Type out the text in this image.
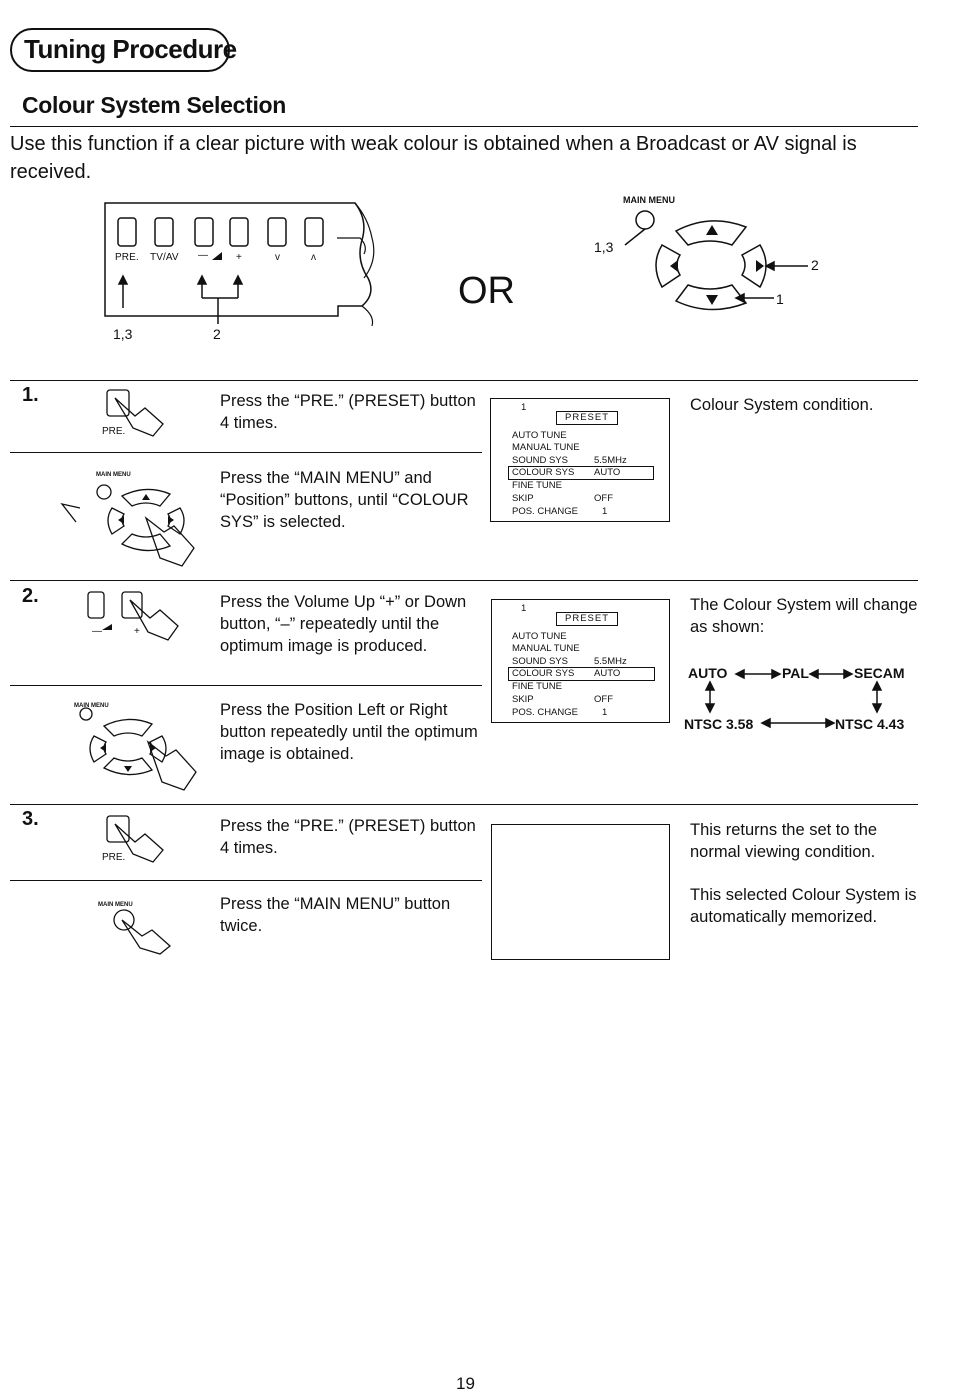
Tuning Procedure
Colour System Selection
Use this function if a clear picture with weak colour is obtained when a Broadcast or AV signal is received.
PRE. TV/AV —	+	v	ʌ
1,3	2
OR
MAIN MENU
1,3
2
1
1.
PRE.
Press the “PRE.” (PRESET) button 4 times.
MAIN MENU	Press the “MAIN MENU” and “Position” buttons, until “COLOUR SYS” is selected.
1
PRESET
AUTO TUNE
MANUAL TUNE
SOUND SYS	5.5MHz
COLOUR SYS AUTO
FINE TUNE
SKIP	OFF
POS. CHANGE	1
Colour System condition.
2.
—	+
Press the Volume Up “+” or Down button, “–” repeatedly until the optimum image is produced.
MAIN MENU	Press the Position Left or Right button repeatedly until the optimum image is obtained.
1
PRESET
AUTO TUNE
MANUAL TUNE
SOUND SYS	5.5MHz
COLOUR SYS AUTO
FINE TUNE
SKIP	OFF
POS. CHANGE	1
The Colour System will change as shown:
AUTO	PAL	SECAM
NTSC 3.58	NTSC 4.43
3.
PRE.
Press the “PRE.” (PRESET) button 4 times.
MAIN MENU	Press the “MAIN MENU” button twice.
This returns the set to the normal viewing condition.
This selected Colour System is automatically memorized.
19
